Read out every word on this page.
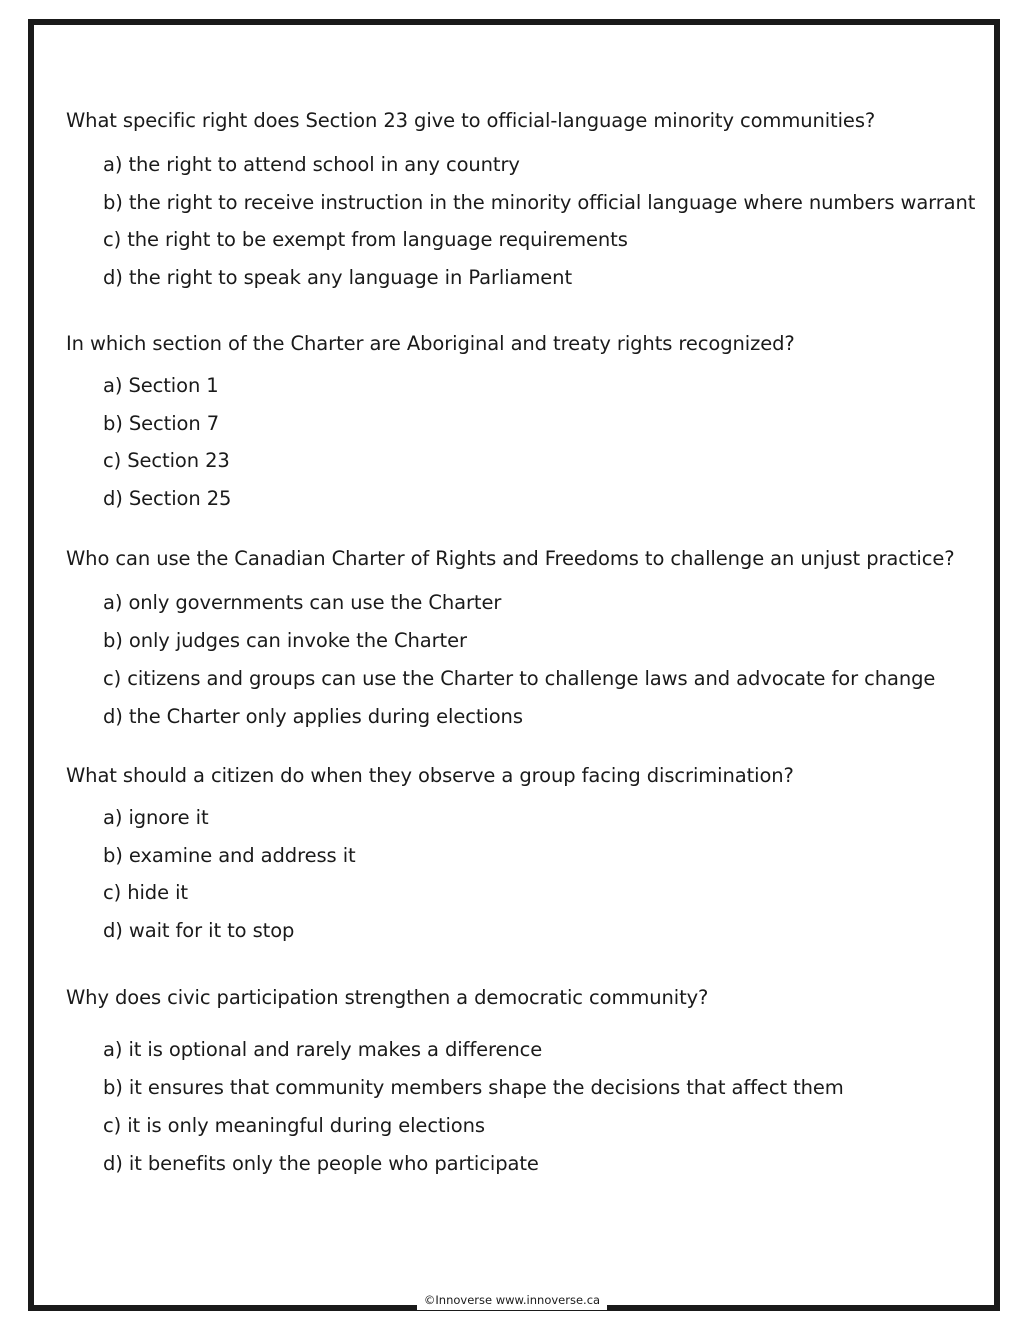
What specific right does Section 23 give to official-language minority communities?
a) the right to attend school in any country
b) the right to receive instruction in the minority official language where numbers warrant
c) the right to be exempt from language requirements
d) the right to speak any language in Parliament
In which section of the Charter are Aboriginal and treaty rights recognized?
a) Section 1
b) Section 7
c) Section 23
d) Section 25
Who can use the Canadian Charter of Rights and Freedoms to challenge an unjust practice?
a) only governments can use the Charter
b) only judges can invoke the Charter
c) citizens and groups can use the Charter to challenge laws and advocate for change
d) the Charter only applies during elections
What should a citizen do when they observe a group facing discrimination?
a) ignore it
b) examine and address it
c) hide it
d) wait for it to stop
Why does civic participation strengthen a democratic community?
a) it is optional and rarely makes a difference
b) it ensures that community members shape the decisions that affect them
c) it is only meaningful during elections
d) it benefits only the people who participate
©Innoverse www.innoverse.ca
